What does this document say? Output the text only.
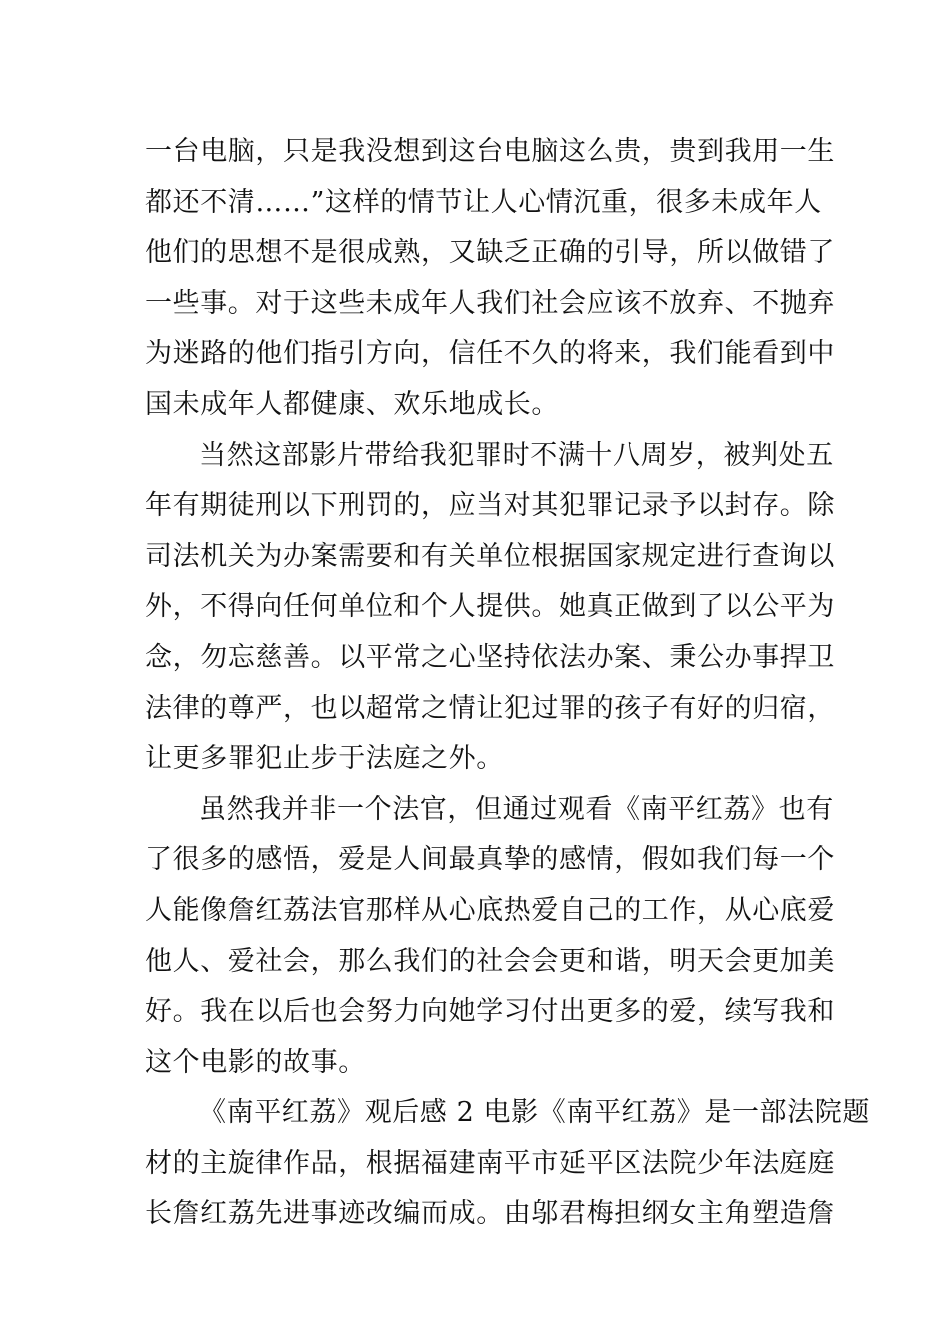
一台电脑，只是我没想到这台电脑这么贵，贵到我用一生
都还不清……”这样的情节让人心情沉重，很多未成年人
他们的思想不是很成熟，又缺乏正确的引导，所以做错了
一些事。对于这些未成年人我们社会应该不放弃、不抛弃
为迷路的他们指引方向，信任不久的将来，我们能看到中
国未成年人都健康、欢乐地成长。
当然这部影片带给我犯罪时不满十八周岁，被判处五
年有期徒刑以下刑罚的，应当对其犯罪记录予以封存。除
司法机关为办案需要和有关单位根据国家规定进行查询以
外，不得向任何单位和个人提供。她真正做到了以公平为
念，勿忘慈善。以平常之心坚持依法办案、秉公办事捍卫
法律的尊严，也以超常之情让犯过罪的孩子有好的归宿，
让更多罪犯止步于法庭之外。
虽然我并非一个法官，但通过观看《南平红荔》也有
了很多的感悟，爱是人间最真挚的感情，假如我们每一个
人能像詹红荔法官那样从心底热爱自己的工作，从心底爱
他人、爱社会，那么我们的社会会更和谐，明天会更加美
好。我在以后也会努力向她学习付出更多的爱，续写我和
这个电影的故事。
《南平红荔》观后感 2 电影《南平红荔》是一部法院题
材的主旋律作品，根据福建南平市延平区法院少年法庭庭
长詹红荔先进事迹改编而成。由邬君梅担纲女主角塑造詹
